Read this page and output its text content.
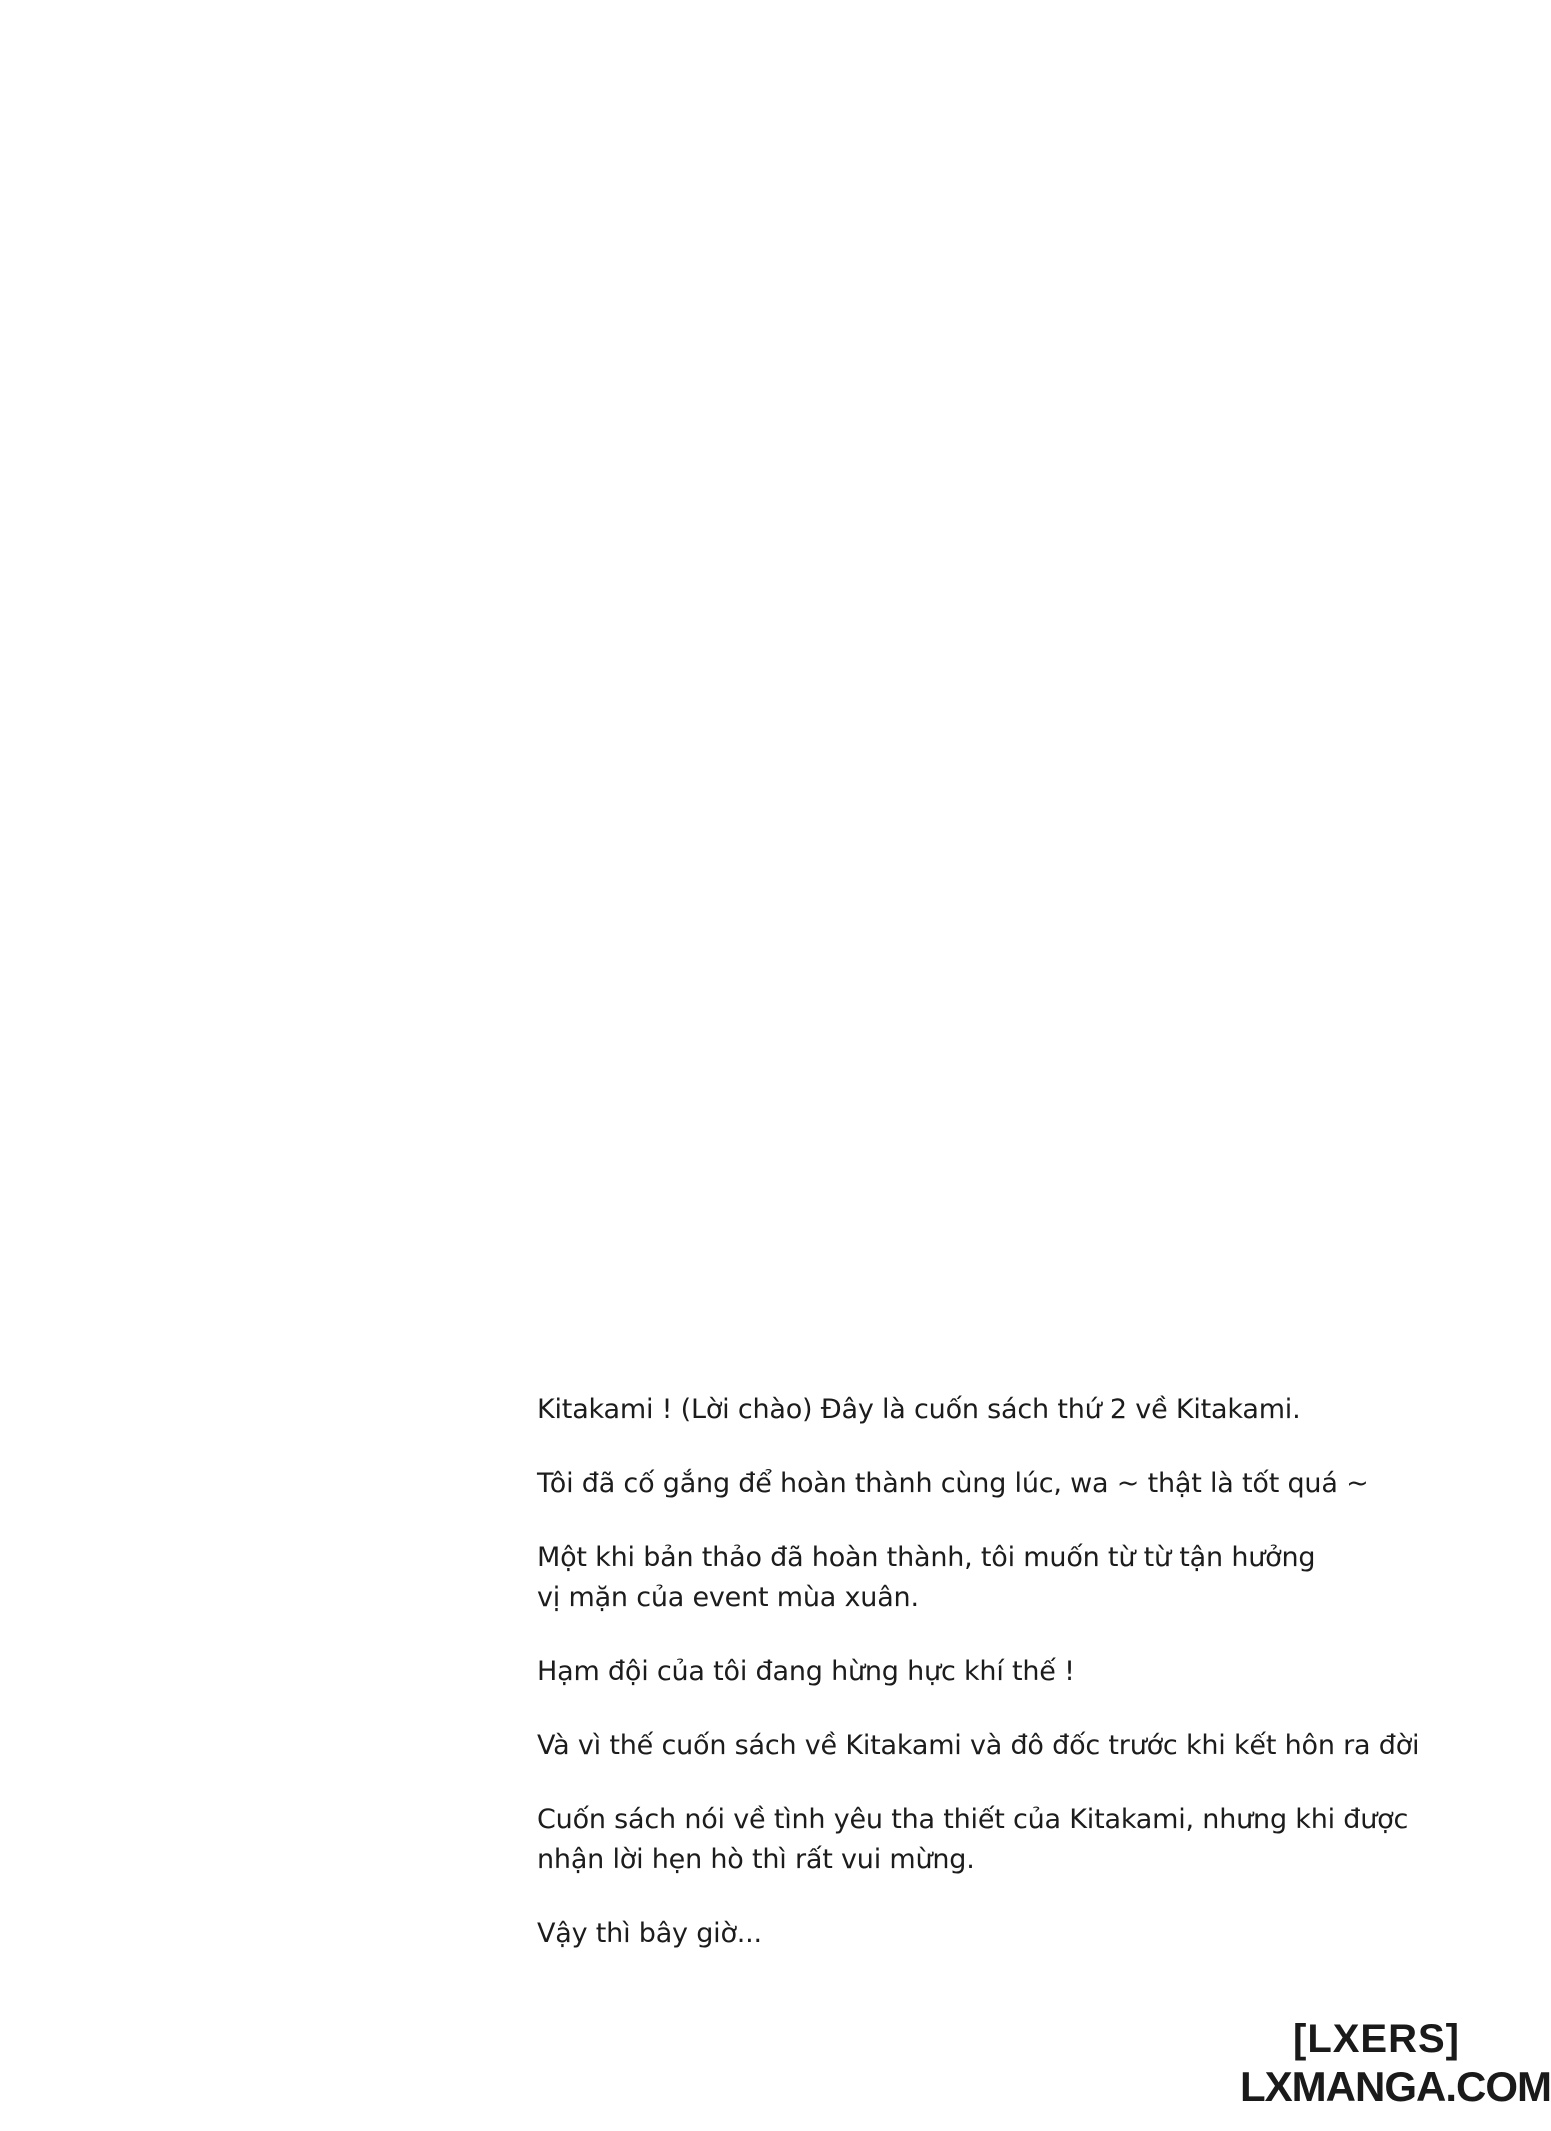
Kitakami ! (Lời chào) Đây là cuốn sách thứ 2 về Kitakami.

Tôi đã cố gắng để hoàn thành cùng lúc, wa ~ thật là tốt quá ~

Một khi bản thảo đã hoàn thành, tôi muốn từ từ tận hưởng
vị mặn của event mùa xuân.

Hạm đội của tôi đang hừng hực khí thế !

Và vì thế cuốn sách về Kitakami và đô đốc trước khi kết hôn ra đời

Cuốn sách nói về tình yêu tha thiết của Kitakami, nhưng khi được
nhận lời hẹn hò thì rất vui mừng.

Vậy thì bây giờ...

[LXERS]
LXMANGA.COM
